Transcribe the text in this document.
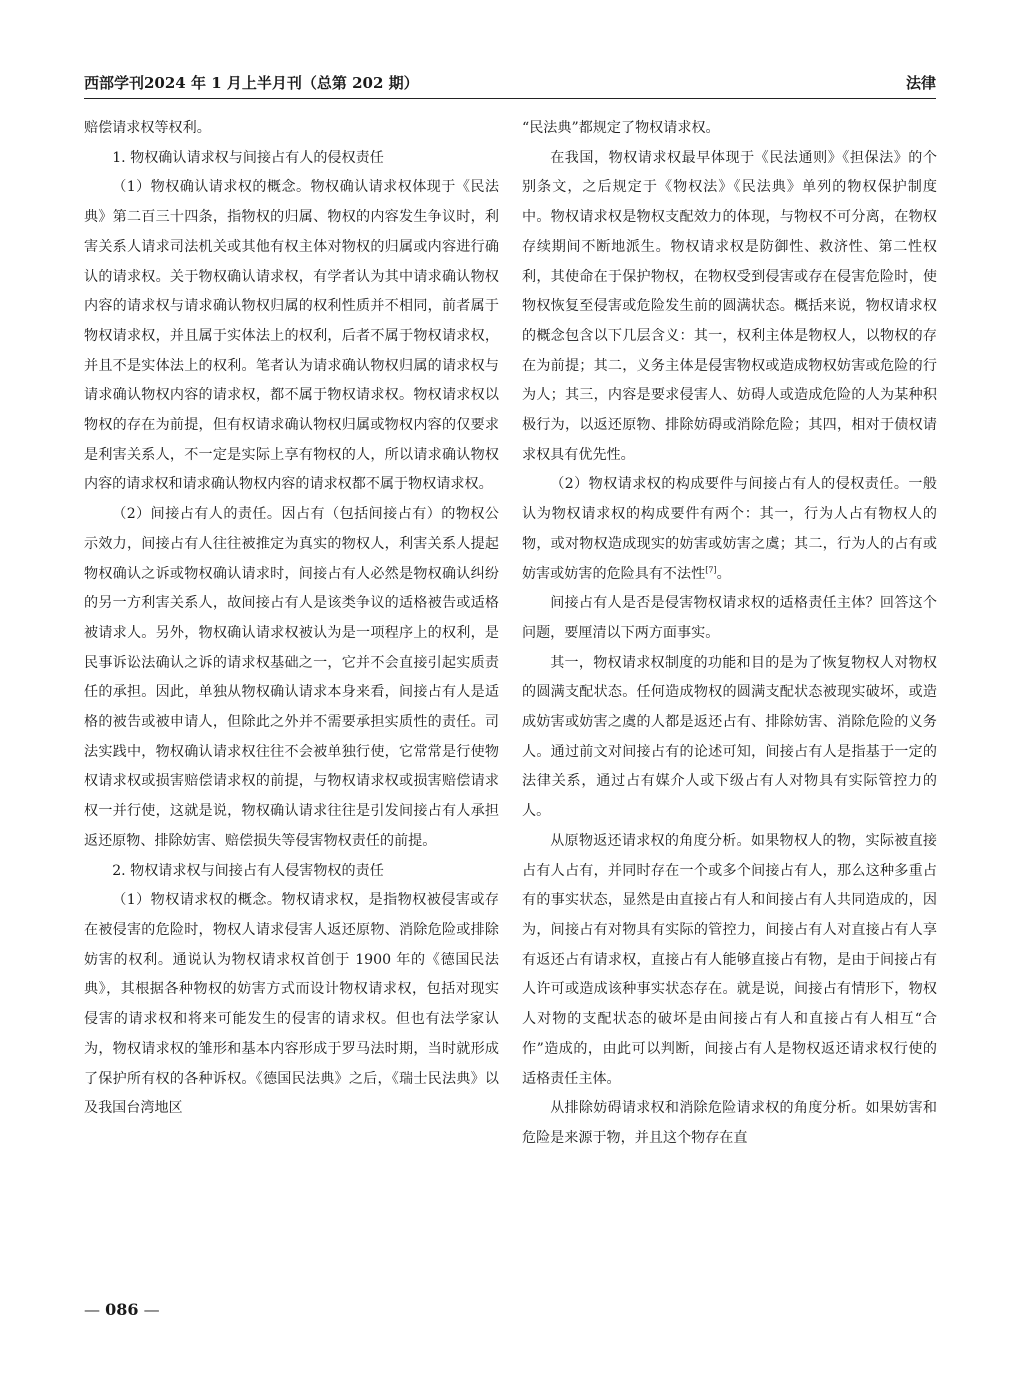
西部学刊2024 年 1 月上半月刊（总第 202 期）	法律

赔偿请求权等权利。

1. 物权确认请求权与间接占有人的侵权责任

（1）物权确认请求权的概念。物权确认请求权体现于《民法典》第二百三十四条，指物权的归属、物权的内容发生争议时，利害关系人请求司法机关或其他有权主体对物权的归属或内容进行确认的请求权。关于物权确认请求权，有学者认为其中请求确认物权内容的请求权与请求确认物权归属的权利性质并不相同，前者属于物权请求权，并且属于实体法上的权利，后者不属于物权请求权，并且不是实体法上的权利。笔者认为请求确认物权归属的请求权与请求确认物权内容的请求权，都不属于物权请求权。物权请求权以物权的存在为前提，但有权请求确认物权归属或物权内容的仅要求是利害关系人，不一定是实际上享有物权的人，所以请求确认物权内容的请求权和请求确认物权内容的请求权都不属于物权请求权。

（2）间接占有人的责任。因占有（包括间接占有）的物权公示效力，间接占有人往往被推定为真实的物权人，利害关系人提起物权确认之诉或物权确认请求时，间接占有人必然是物权确认纠纷的另一方利害关系人，故间接占有人是该类争议的适格被告或适格被请求人。另外，物权确认请求权被认为是一项程序上的权利，是民事诉讼法确认之诉的请求权基础之一，它并不会直接引起实质责任的承担。因此，单独从物权确认请求本身来看，间接占有人是适格的被告或被申请人，但除此之外并不需要承担实质性的责任。司法实践中，物权确认请求权往往不会被单独行使，它常常是行使物权请求权或损害赔偿请求权的前提，与物权请求权或损害赔偿请求权一并行使，这就是说，物权确认请求往往是引发间接占有人承担返还原物、排除妨害、赔偿损失等侵害物权责任的前提。

2. 物权请求权与间接占有人侵害物权的责任

（1）物权请求权的概念。物权请求权，是指物权被侵害或存在被侵害的危险时，物权人请求侵害人返还原物、消除危险或排除妨害的权利。通说认为物权请求权首创于 1900 年的《德国民法典》，其根据各种物权的妨害方式而设计物权请求权，包括对现实侵害的请求权和将来可能发生的侵害的请求权。但也有法学家认为，物权请求权的雏形和基本内容形成于罗马法时期，当时就形成了保护所有权的各种诉权。《德国民法典》之后，《瑞士民法典》以及我国台湾地区

“民法典”都规定了物权请求权。

在我国，物权请求权最早体现于《民法通则》《担保法》的个别条文，之后规定于《物权法》《民法典》单列的物权保护制度中。物权请求权是物权支配效力的体现，与物权不可分离，在物权存续期间不断地派生。物权请求权是防御性、救济性、第二性权利，其使命在于保护物权，在物权受到侵害或存在侵害危险时，使物权恢复至侵害或危险发生前的圆满状态。概括来说，物权请求权的概念包含以下几层含义：其一，权利主体是物权人，以物权的存在为前提；其二，义务主体是侵害物权或造成物权妨害或危险的行为人；其三，内容是要求侵害人、妨碍人或造成危险的人为某种积极行为，以返还原物、排除妨碍或消除危险；其四，相对于债权请求权具有优先性。

（2）物权请求权的构成要件与间接占有人的侵权责任。一般认为物权请求权的构成要件有两个：其一，行为人占有物权人的物，或对物权造成现实的妨害或妨害之虞；其二，行为人的占有或妨害或妨害的危险具有不法性[7]。

间接占有人是否是侵害物权请求权的适格责任主体？回答这个问题，要厘清以下两方面事实。

其一，物权请求权制度的功能和目的是为了恢复物权人对物权的圆满支配状态。任何造成物权的圆满支配状态被现实破坏，或造成妨害或妨害之虞的人都是返还占有、排除妨害、消除危险的义务人。通过前文对间接占有的论述可知，间接占有人是指基于一定的法律关系，通过占有媒介人或下级占有人对物具有实际管控力的人。

从原物返还请求权的角度分析。如果物权人的物，实际被直接占有人占有，并同时存在一个或多个间接占有人，那么这种多重占有的事实状态，显然是由直接占有人和间接占有人共同造成的，因为，间接占有对物具有实际的管控力，间接占有人对直接占有人享有返还占有请求权，直接占有人能够直接占有物，是由于间接占有人许可或造成该种事实状态存在。就是说，间接占有情形下，物权人对物的支配状态的破坏是由间接占有人和直接占有人相互“合作”造成的，由此可以判断，间接占有人是物权返还请求权行使的适格责任主体。

从排除妨碍请求权和消除危险请求权的角度分析。如果妨害和危险是来源于物，并且这个物存在直

— 086 —
